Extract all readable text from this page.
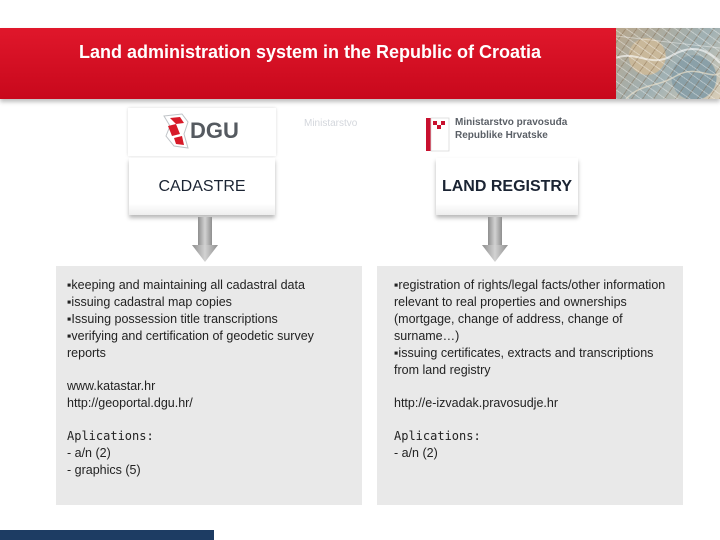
Land administration system in the Republic of Croatia
DGU	Ministarstvo	Ministarstvo pravosuđa
Republike Hrvatske
CADASTRE	LAND REGISTRY
▪keeping and maintaining all cadastral data
▪issuing cadastral map copies
▪Issuing possession title transcriptions
▪verifying and certification of geodetic survey reports
www.katastar.hr
http://geoportal.dgu.hr/
Aplications:
- a/n (2)
- graphics (5)
▪registration of rights/legal facts/other information relevant to real properties and ownerships (mortgage, change of address, change of surname…)
▪issuing certificates, extracts and transcriptions from land registry
http://e-izvadak.pravosudje.hr
Aplications:
- a/n (2)
